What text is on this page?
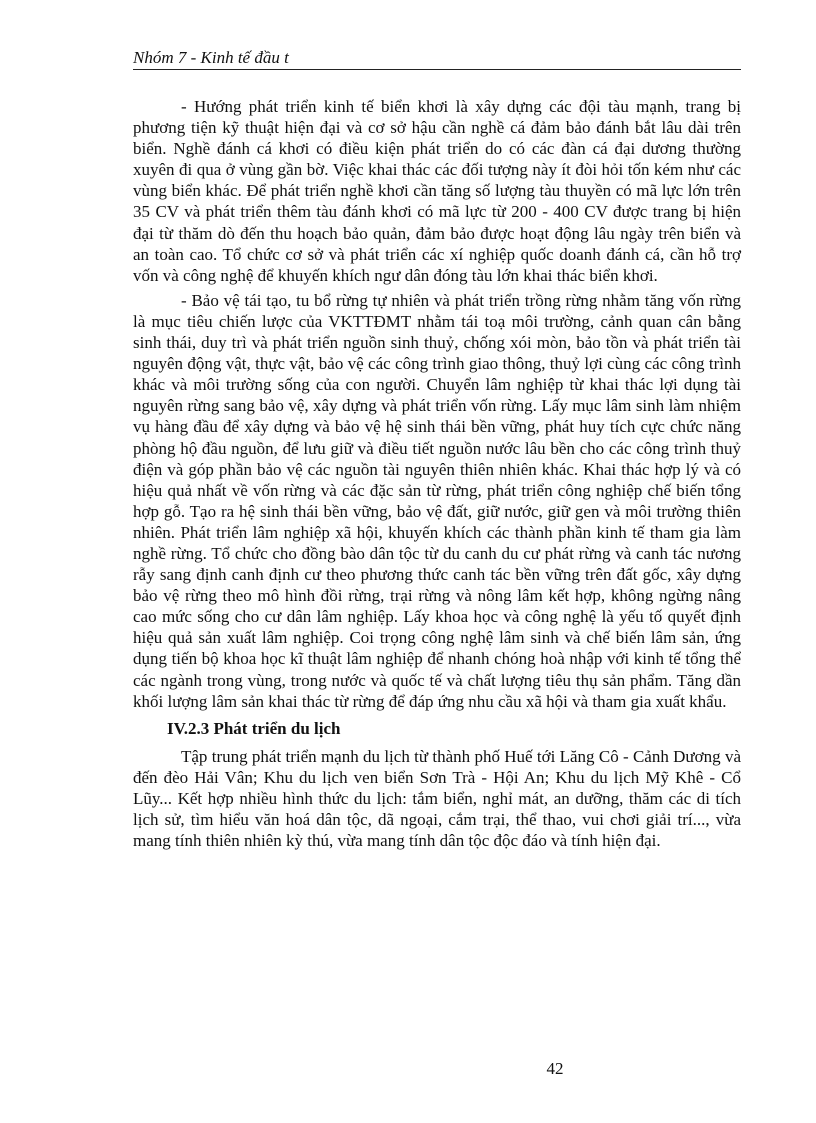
Nhóm 7 - Kinh tế đầu t

- Hướng phát triển kinh tế biển khơi là xây dựng các đội tàu mạnh, trang bị phương tiện kỹ thuật hiện đại và cơ sở hậu cần nghề cá đảm bảo đánh bắt lâu dài trên biển. Nghề đánh cá khơi có điều kiện phát triển do có các đàn cá đại dương thường xuyên đi qua ở vùng gần bờ. Việc khai thác các đối tượng này ít đòi hỏi tốn kém như các vùng biển khác. Để phát triển nghề khơi cần tăng số lượng tàu thuyền có mã lực lớn trên 35 CV và phát triển thêm tàu đánh khơi có mã lực từ 200 - 400 CV được trang bị hiện đại từ thăm dò đến thu hoạch bảo quản, đảm bảo được hoạt động lâu ngày trên biển và an toàn cao. Tổ chức cơ sở và phát triển các xí nghiệp quốc doanh đánh cá, cần hỗ trợ vốn và công nghệ để khuyến khích ngư dân đóng tàu lớn khai thác biển khơi.

- Bảo vệ tái tạo, tu bổ rừng tự nhiên và phát triển trồng rừng nhằm tăng vốn rừng là mục tiêu chiến lược của VKTTĐMT nhằm tái toạ môi trường, cảnh quan cân bằng sinh thái, duy trì và phát triển nguồn sinh thuỷ, chống xói mòn, bảo tồn và phát triển tài nguyên động vật, thực vật, bảo vệ các công trình giao thông, thuỷ lợi cùng các công trình khác và môi trường sống của con người. Chuyển lâm nghiệp từ khai thác lợi dụng tài nguyên rừng sang bảo vệ, xây dựng và phát triển vốn rừng. Lấy mục lâm sinh làm nhiệm vụ hàng đầu để xây dựng và bảo vệ hệ sinh thái bền vững, phát huy tích cực chức năng phòng hộ đầu nguồn, để lưu giữ và điều tiết nguồn nước lâu bền cho các công trình thuỷ điện và góp phần bảo vệ các nguồn tài nguyên thiên nhiên khác. Khai thác hợp lý và có hiệu quả nhất về vốn rừng và các đặc sản từ rừng, phát triển công nghiệp chế biến tổng hợp gỗ. Tạo ra hệ sinh thái bền vững, bảo vệ đất, giữ nước, giữ gen và môi trường thiên nhiên. Phát triển lâm nghiệp xã hội, khuyến khích các thành phần kinh tế tham gia làm nghề rừng. Tổ chức cho đồng bào dân tộc từ du canh du cư phát rừng và canh tác nương rẫy sang định canh định cư theo phương thức canh tác bền vững trên đất gốc, xây dựng bảo vệ rừng theo mô hình đồi rừng, trại rừng và nông lâm kết hợp, không ngừng nâng cao mức sống cho cư dân lâm nghiệp. Lấy khoa học và công nghệ là yếu tố quyết định hiệu quả sản xuất lâm nghiệp. Coi trọng công nghệ lâm sinh và chế biến lâm sản, ứng dụng tiến bộ khoa học kĩ thuật lâm nghiệp để nhanh chóng hoà nhập với kinh tế tổng thể các ngành trong vùng, trong nước và quốc tế và chất lượng tiêu thụ sản phẩm. Tăng dần khối lượng lâm sản khai thác từ rừng để đáp ứng nhu cầu xã hội và tham gia xuất khẩu.

IV.2.3 Phát triển du lịch

Tập trung phát triển mạnh du lịch từ thành phố Huế tới Lăng Cô - Cảnh Dương và đến đèo Hải Vân; Khu du lịch ven biển Sơn Trà - Hội An; Khu du lịch Mỹ Khê - Cổ Lũy... Kết hợp nhiều hình thức du lịch: tắm biển, nghỉ mát, an dưỡng, thăm các di tích lịch sử, tìm hiểu văn hoá dân tộc, dã ngoại, cắm trại, thể thao, vui chơi giải trí..., vừa mang tính thiên nhiên kỳ thú, vừa mang tính dân tộc độc đáo và tính hiện đại.

42
